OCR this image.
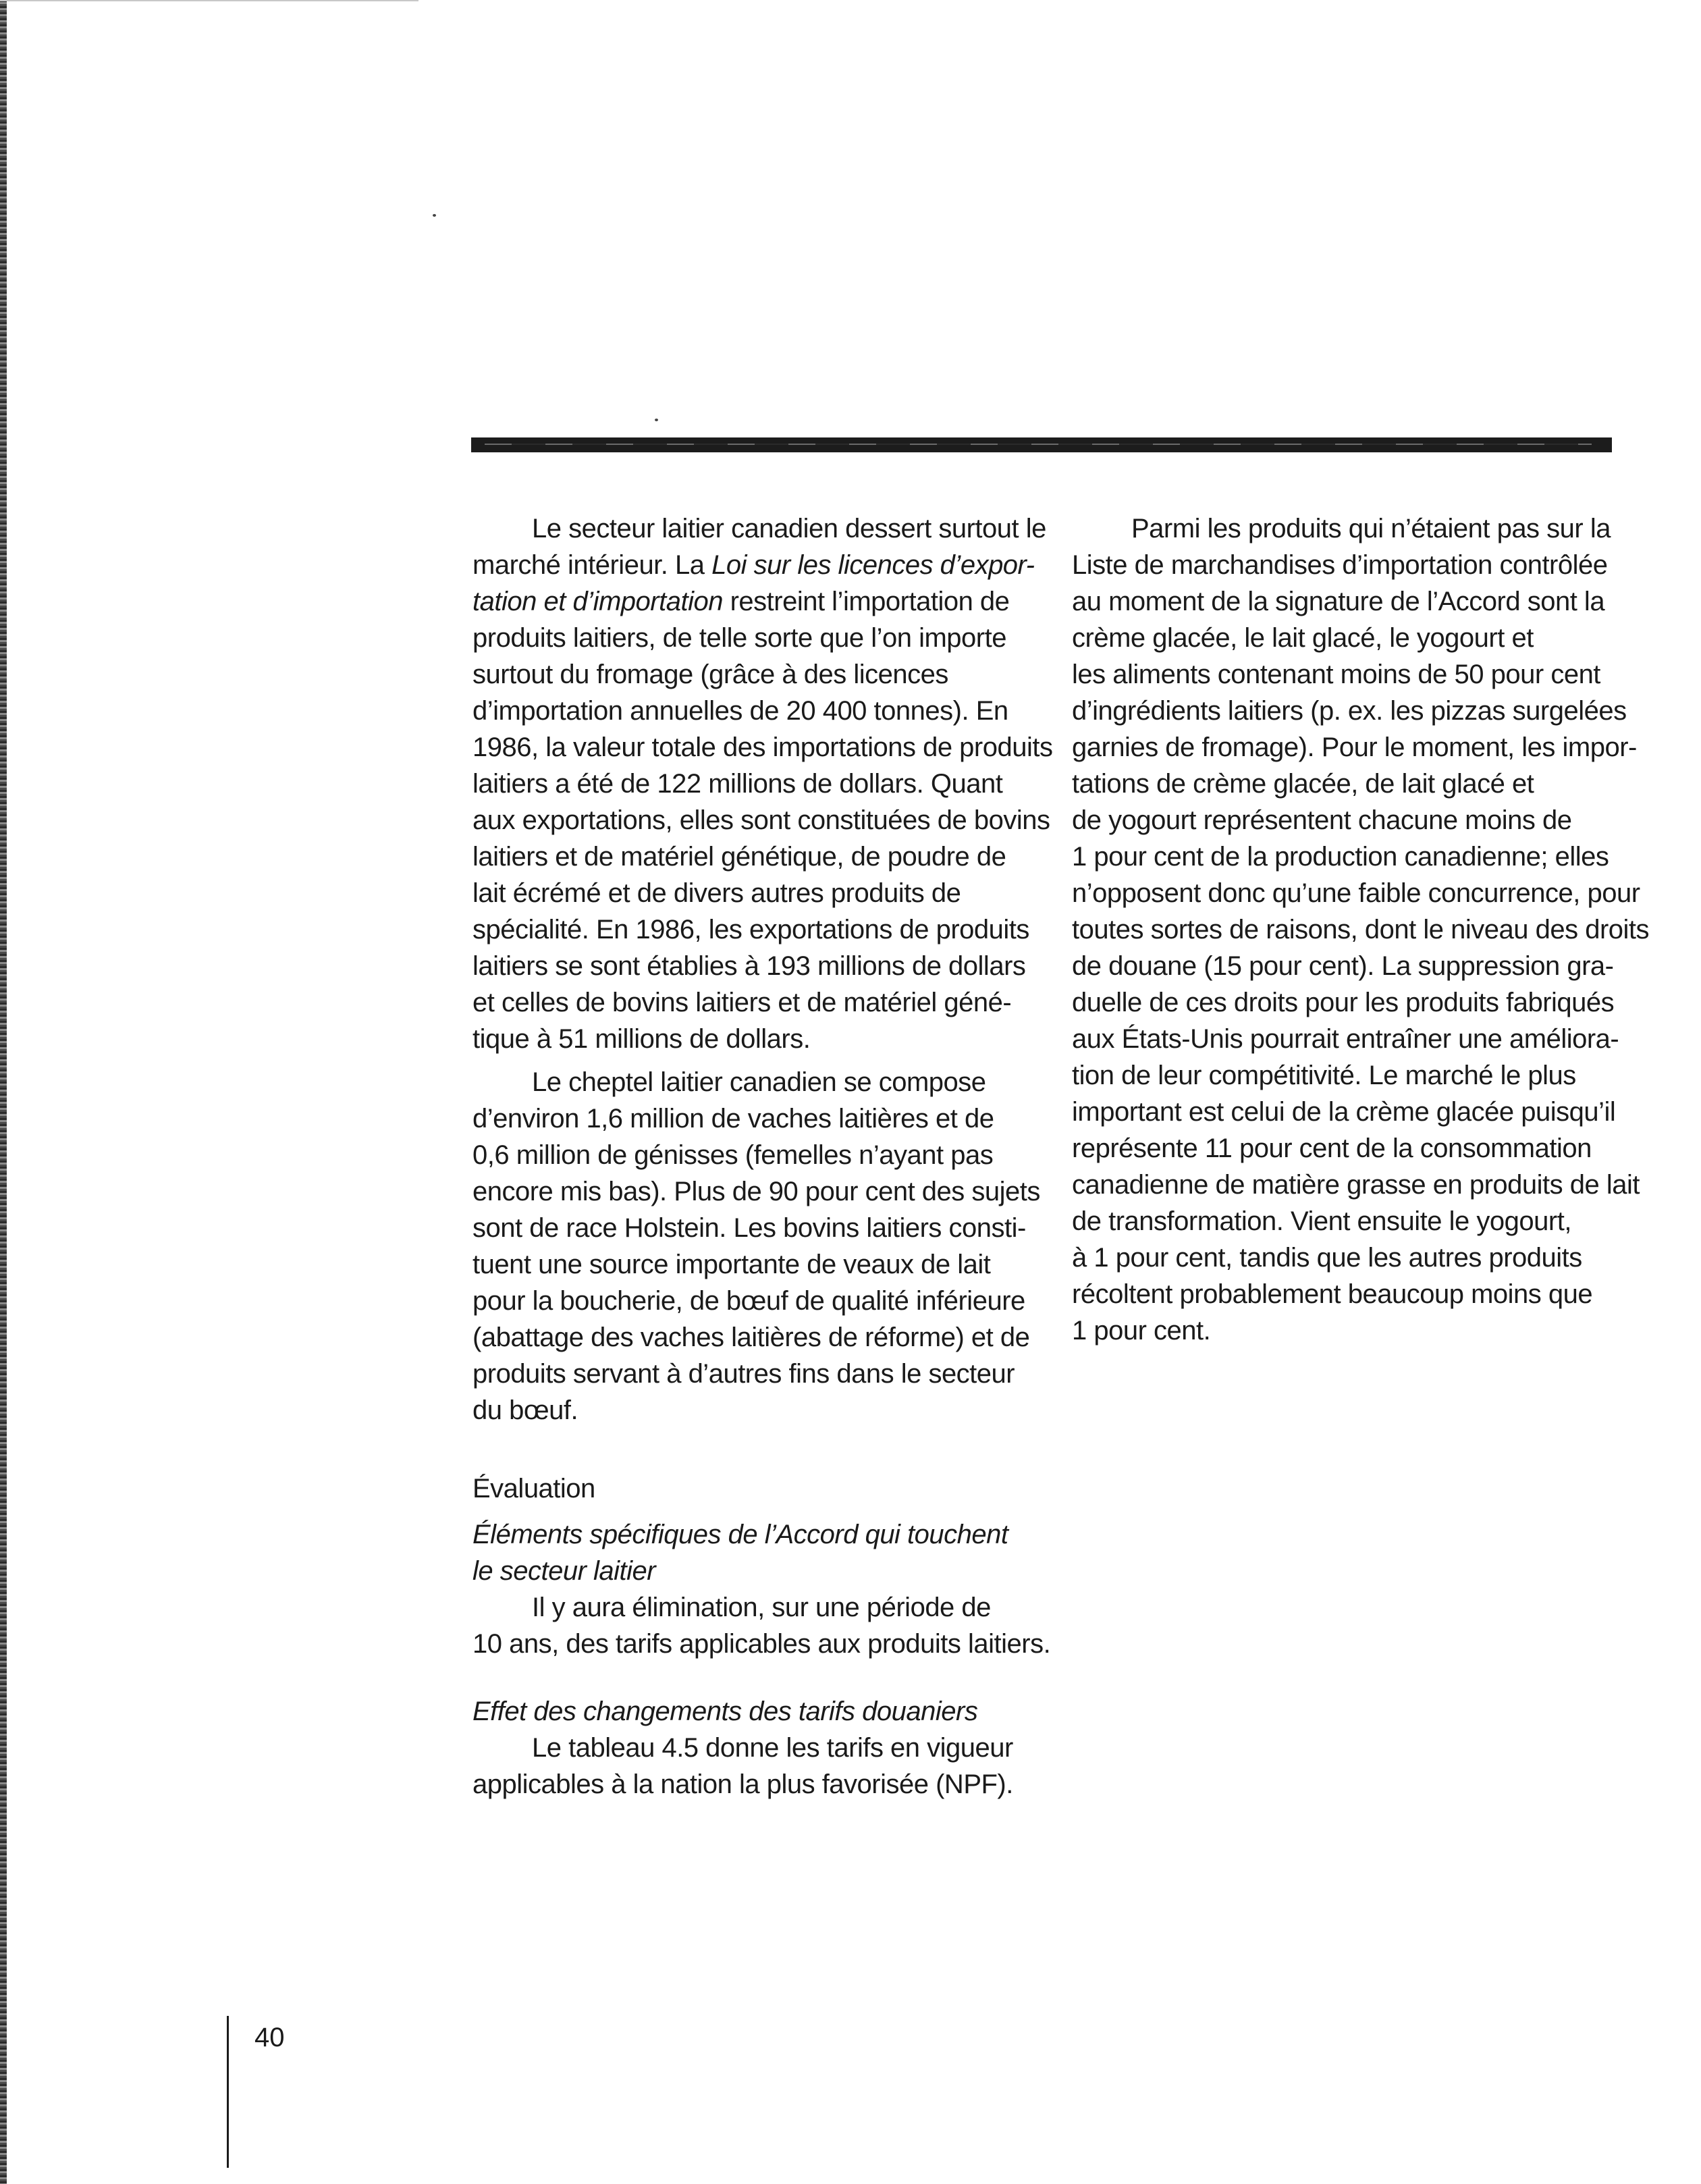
Le secteur laitier canadien dessert surtout le
marché intérieur. La Loi sur les licences d’expor-
tation et d’importation restreint l’importation de
produits laitiers, de telle sorte que l’on importe
surtout du fromage (grâce à des licences
d’importation annuelles de 20 400 tonnes). En
1986, la valeur totale des importations de produits
laitiers a été de 122 millions de dollars. Quant
aux exportations, elles sont constituées de bovins
laitiers et de matériel génétique, de poudre de
lait écrémé et de divers autres produits de
spécialité. En 1986, les exportations de produits
laitiers se sont établies à 193 millions de dollars
et celles de bovins laitiers et de matériel géné-
tique à 51 millions de dollars.

Le cheptel laitier canadien se compose
d’environ 1,6 million de vaches laitières et de
0,6 million de génisses (femelles n’ayant pas
encore mis bas). Plus de 90 pour cent des sujets
sont de race Holstein. Les bovins laitiers consti-
tuent une source importante de veaux de lait
pour la boucherie, de bœuf de qualité inférieure
(abattage des vaches laitières de réforme) et de
produits servant à d’autres fins dans le secteur
du bœuf.

Évaluation
Éléments spécifiques de l’Accord qui touchent
le secteur laitier

Il y aura élimination, sur une période de
10 ans, des tarifs applicables aux produits laitiers.

Effet des changements des tarifs douaniers

Le tableau 4.5 donne les tarifs en vigueur
applicables à la nation la plus favorisée (NPF).

Parmi les produits qui n’étaient pas sur la
Liste de marchandises d’importation contrôlée
au moment de la signature de l’Accord sont la
crème glacée, le lait glacé, le yogourt et
les aliments contenant moins de 50 pour cent
d’ingrédients laitiers (p. ex. les pizzas surgelées
garnies de fromage). Pour le moment, les impor-
tations de crème glacée, de lait glacé et
de yogourt représentent chacune moins de
1 pour cent de la production canadienne; elles
n’opposent donc qu’une faible concurrence, pour
toutes sortes de raisons, dont le niveau des droits
de douane (15 pour cent). La suppression gra-
duelle de ces droits pour les produits fabriqués
aux États-Unis pourrait entraîner une améliora-
tion de leur compétitivité. Le marché le plus
important est celui de la crème glacée puisqu’il
représente 11 pour cent de la consommation
canadienne de matière grasse en produits de lait
de transformation. Vient ensuite le yogourt,
à 1 pour cent, tandis que les autres produits
récoltent probablement beaucoup moins que
1 pour cent.

40
